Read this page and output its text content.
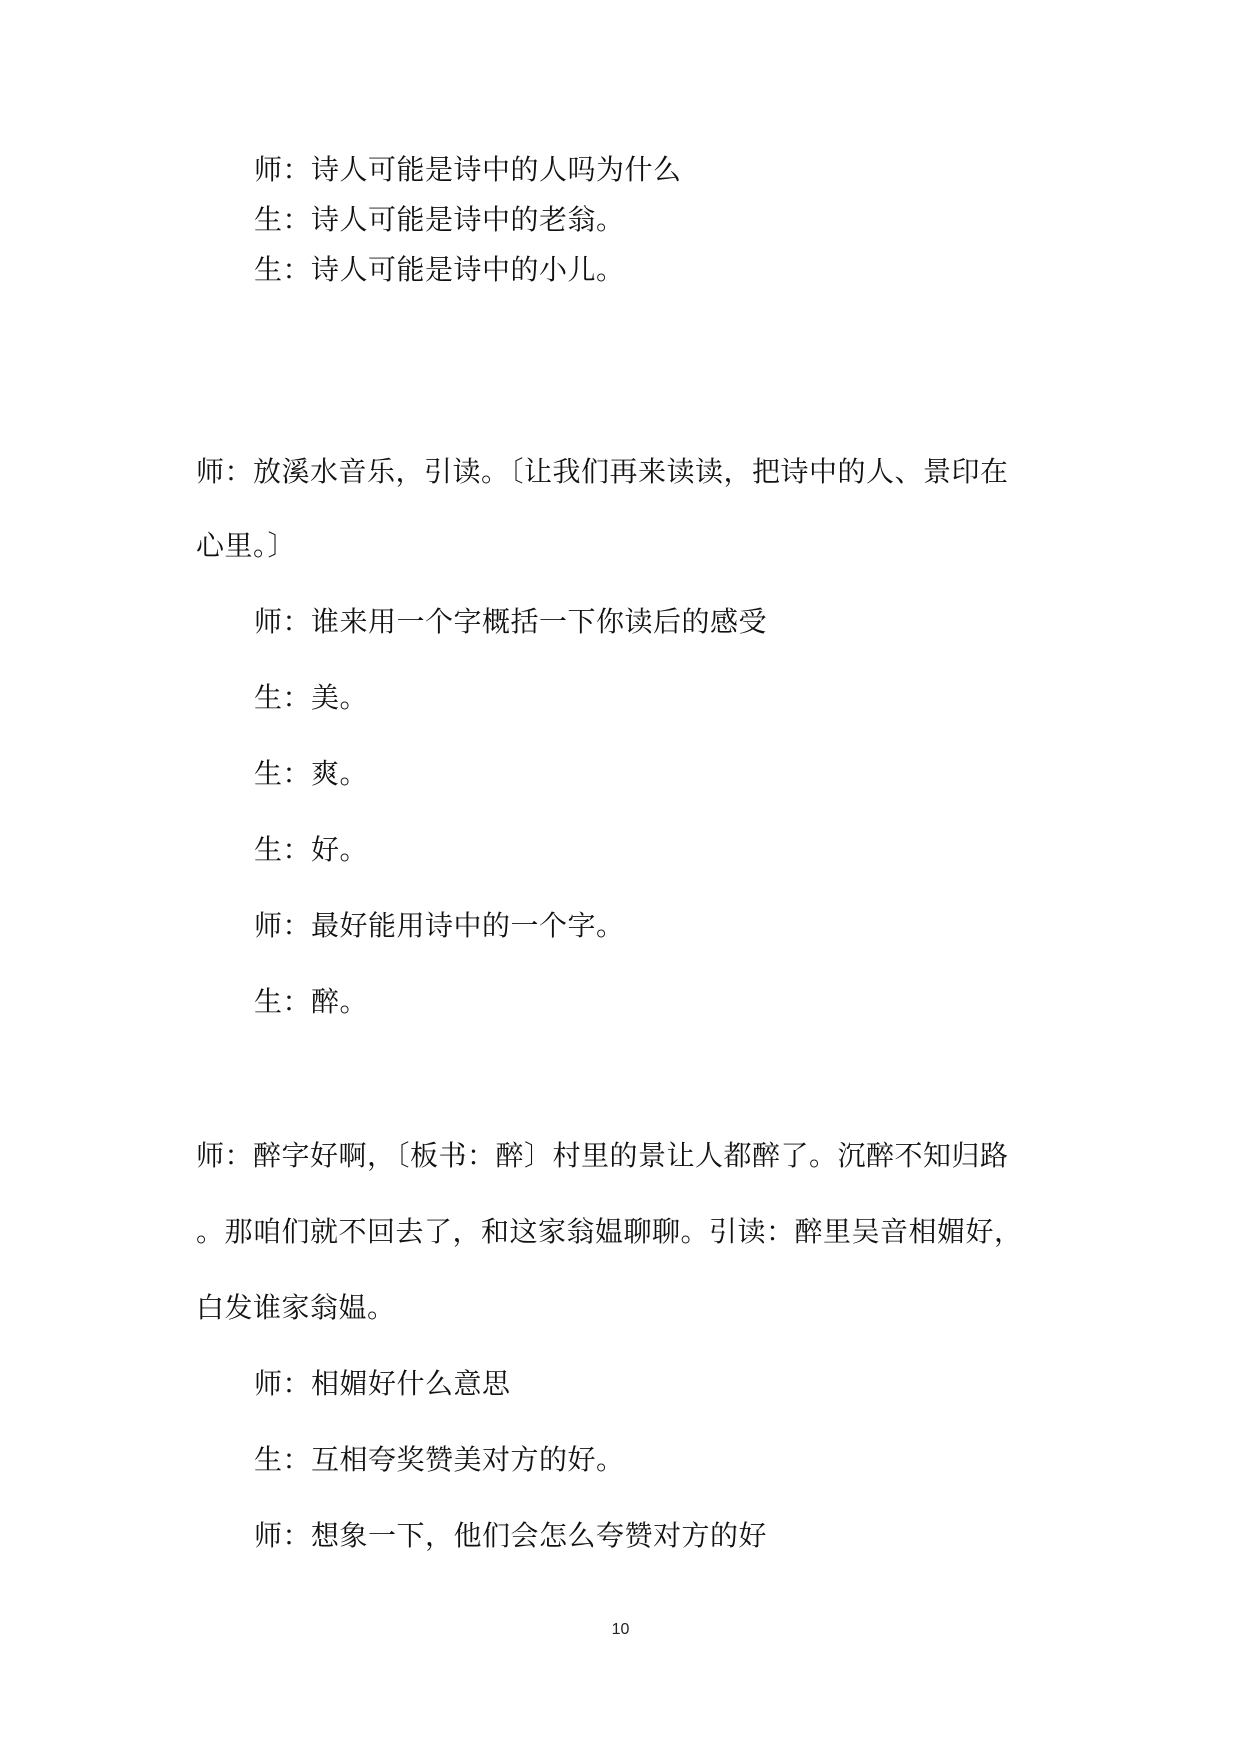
师：诗人可能是诗中的人吗为什么

生：诗人可能是诗中的老翁。

生：诗人可能是诗中的小儿。

师：放溪水音乐，引读。〔让我们再来读读，把诗中的人、景印在

心里。〕

师：谁来用一个字概括一下你读后的感受

生：美。

生：爽。

生：好。

师：最好能用诗中的一个字。

生：醉。

师：醉字好啊，〔板书：醉〕村里的景让人都醉了。沉醉不知归路

。那咱们就不回去了，和这家翁媪聊聊。引读：醉里吴音相媚好，

白发谁家翁媪。

师：相媚好什么意思

生：互相夸奖赞美对方的好。

师：想象一下，他们会怎么夸赞对方的好

10
